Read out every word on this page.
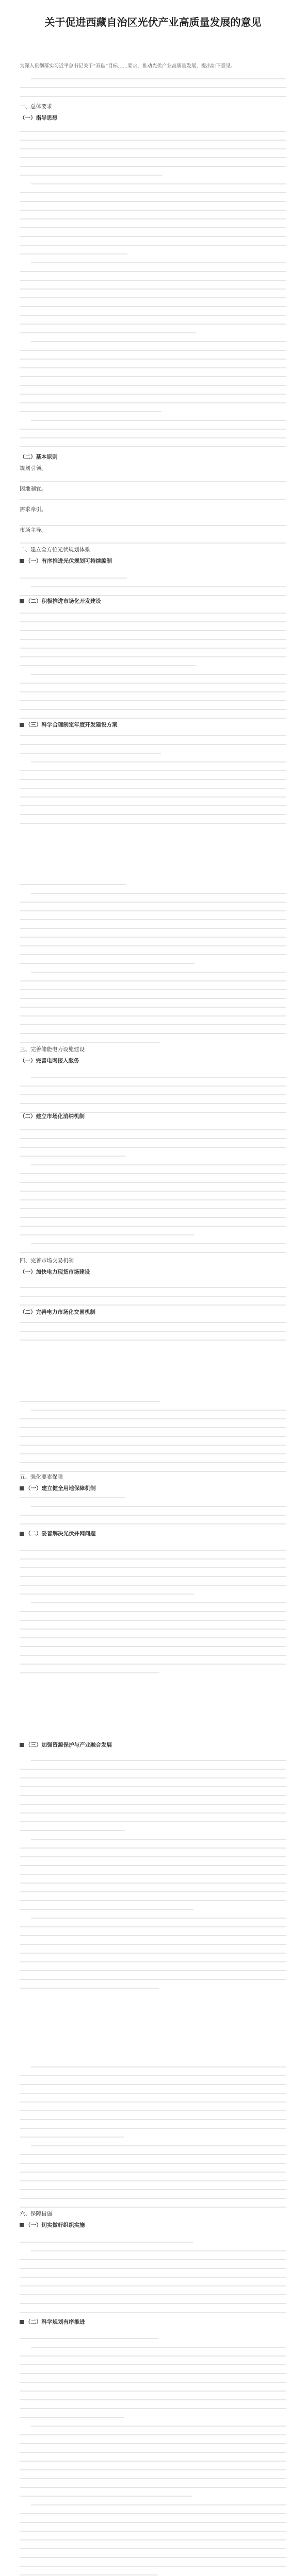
关于促进西藏自治区光伏产业高质量发展的意见
一、总体要求
（一）指导思想
（二）基本原则
规划引领。
因地制宜。
需求牵引。
市场主导。
二、建立全方位光伏规划体系
（一）有序推进光伏规划可持续编制
（二）积极推进市场化开发建设
（三）科学合理制定年度开发建设方案
三、完善储能电力设施建设
（一）完善电网接入服务
（二）建立市场化消纳机制
四、完善市场交易机制
（一）加快电力现货市场建设
（二）完善电力市场化交易机制
五、强化要素保障
（一）建立健全用地保障机制
（二）妥善解决光伏并网问题
（三）加强资源保护与产业融合发展
六、保障措施
（一）切实做好组织实施
（二）科学规划有序推进
为深入贯彻落实习近平总书记关于“双碳”目标……要求，推动光伏产业高质量发展，提出如下意见。
